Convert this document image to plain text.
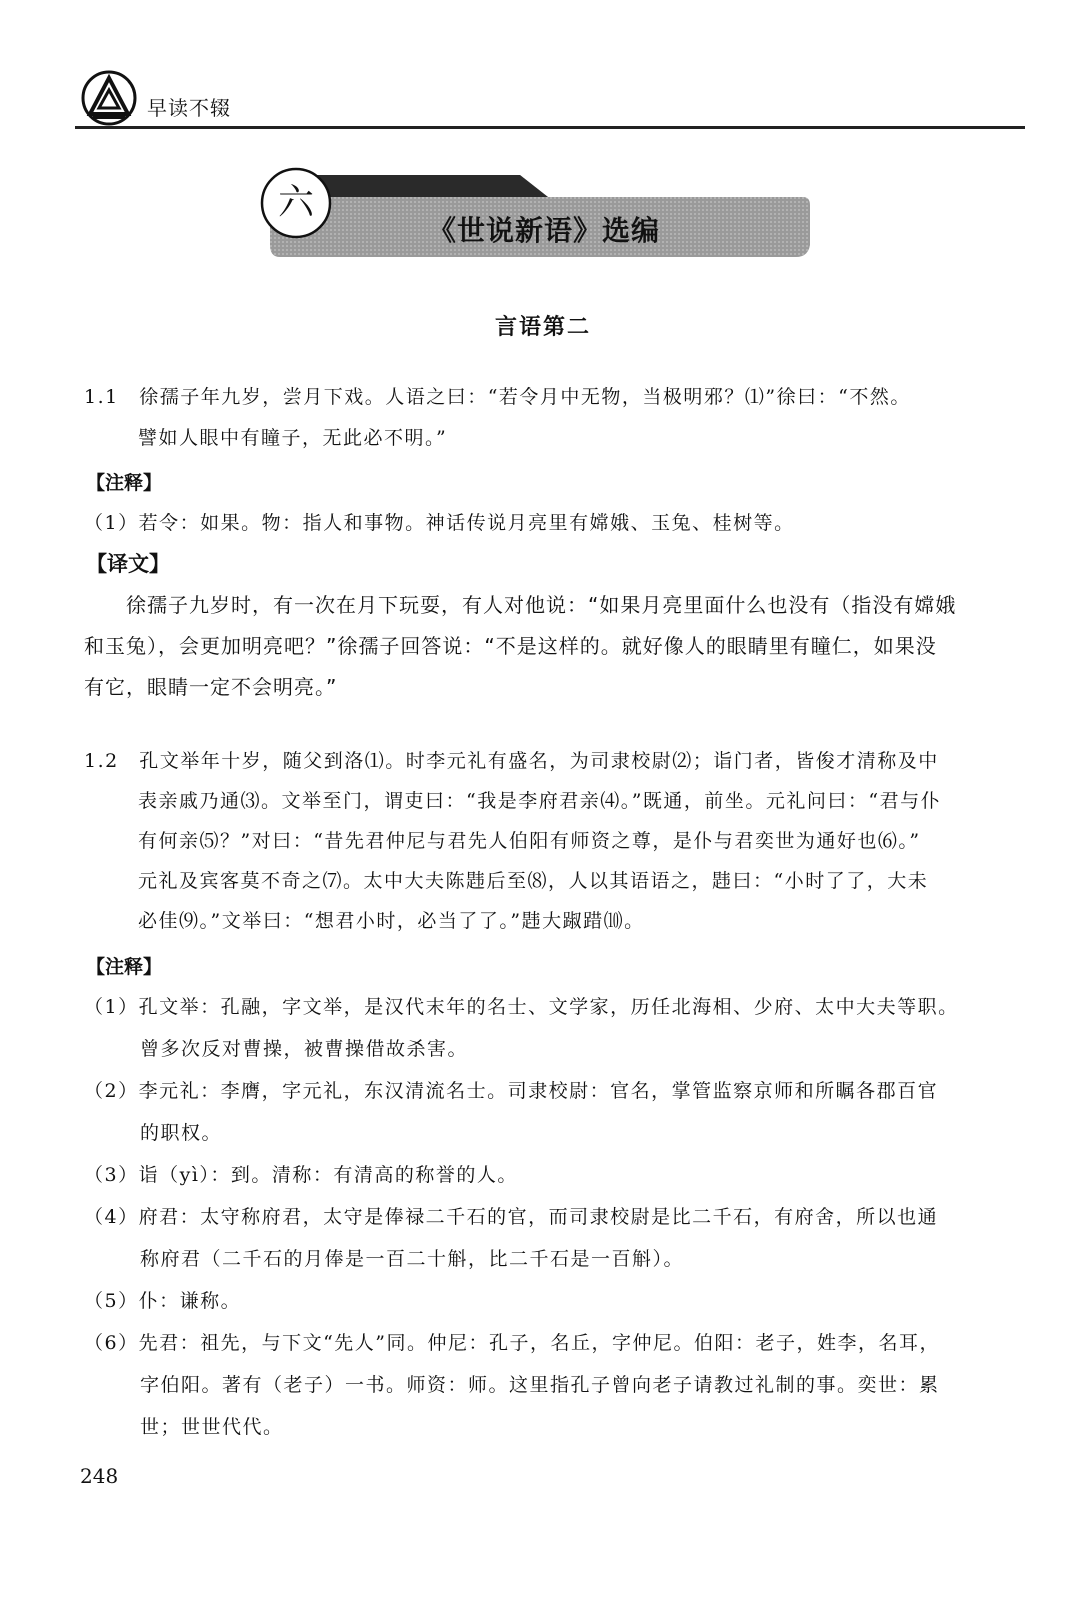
早读不辍
六
《世说新语》选编
言语第二
1.1　徐孺子年九岁，尝月下戏。人语之曰：“若令月中无物，当极明邪？⑴”徐曰：“不然。
譬如人眼中有瞳子，无此必不明。”
【注释】
（1）若令：如果。物：指人和事物。神话传说月亮里有嫦娥、玉兔、桂树等。
【译文】
　　徐孺子九岁时，有一次在月下玩耍，有人对他说：“如果月亮里面什么也没有（指没有嫦娥
和玉兔），会更加明亮吧？”徐孺子回答说：“不是这样的。就好像人的眼睛里有瞳仁，如果没
有它，眼睛一定不会明亮。”
1.2　孔文举年十岁，随父到洛⑴。时李元礼有盛名，为司隶校尉⑵；诣门者，皆俊才清称及中
表亲戚乃通⑶。文举至门，谓吏曰：“我是李府君亲⑷。”既通，前坐。元礼问曰：“君与仆
有何亲⑸？”对曰：“昔先君仲尼与君先人伯阳有师资之尊，是仆与君奕世为通好也⑹。”
元礼及宾客莫不奇之⑺。太中大夫陈韪后至⑻，人以其语语之，韪曰：“小时了了，大未
必佳⑼。”文举曰：“想君小时，必当了了。”韪大踧踖⑽。
【注释】
（1）孔文举：孔融，字文举，是汉代末年的名士、文学家，历任北海相、少府、太中大夫等职。
曾多次反对曹操，被曹操借故杀害。
（2）李元礼：李膺，字元礼，东汉清流名士。司隶校尉：官名，掌管监察京师和所瞩各郡百官
的职权。
（3）诣（yì）：到。清称：有清高的称誉的人。
（4）府君：太守称府君，太守是俸禄二千石的官，而司隶校尉是比二千石，有府舍，所以也通
称府君（二千石的月俸是一百二十斛，比二千石是一百斛）。
（5）仆：谦称。
（6）先君：祖先，与下文“先人”同。仲尼：孔子，名丘，字仲尼。伯阳：老子，姓李，名耳，
字伯阳。著有（老子）一书。师资：师。这里指孔子曾向老子请教过礼制的事。奕世：累
世；世世代代。
248
